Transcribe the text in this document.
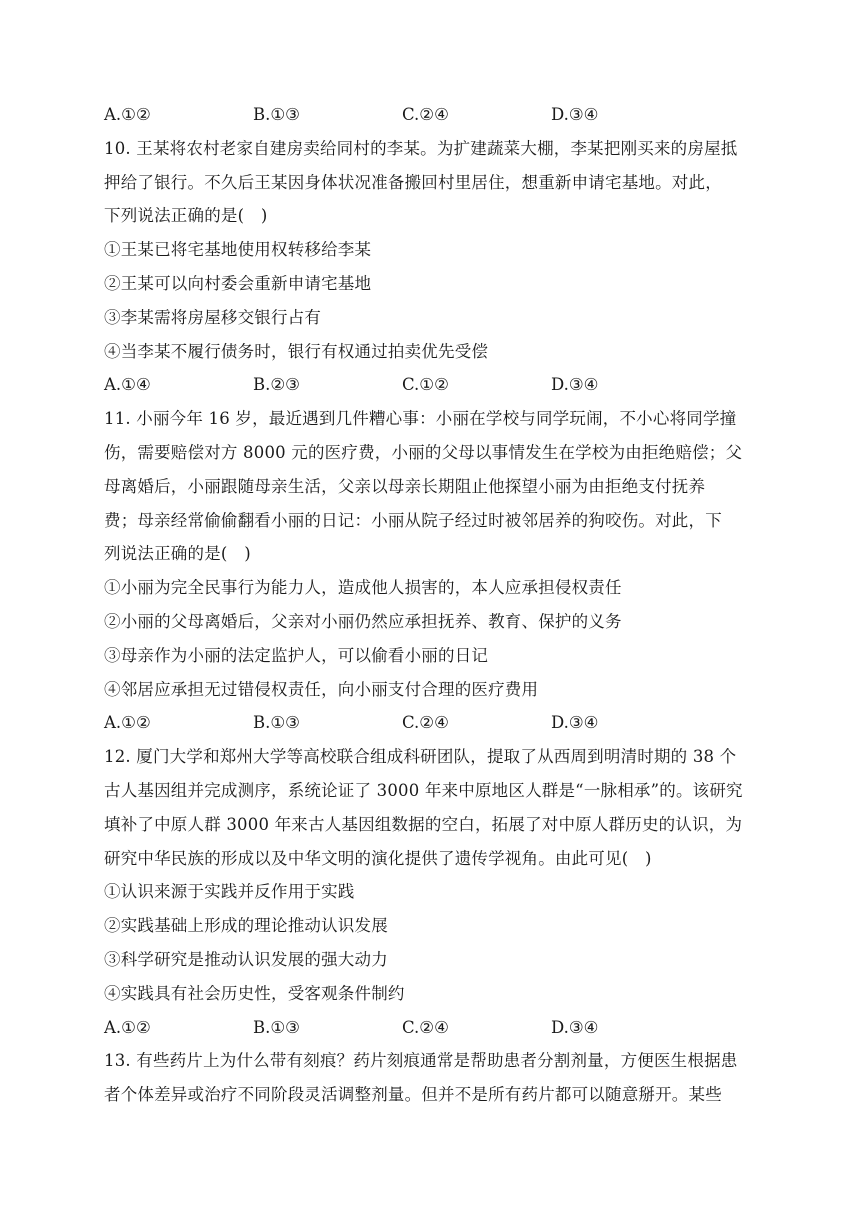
A.①②	B.①③	C.②④	D.③④
10. 王某将农村老家自建房卖给同村的李某。为扩建蔬菜大棚，李某把刚买来的房屋抵
押给了银行。不久后王某因身体状况准备搬回村里居住，想重新申请宅基地。对此，
下列说法正确的是(　)
①王某已将宅基地使用权转移给李某
②王某可以向村委会重新申请宅基地
③李某需将房屋移交银行占有
④当李某不履行债务时，银行有权通过拍卖优先受偿
A.①④	B.②③	C.①②	D.③④
11. 小丽今年 16 岁，最近遇到几件糟心事：小丽在学校与同学玩闹，不小心将同学撞
伤，需要赔偿对方 8000 元的医疗费，小丽的父母以事情发生在学校为由拒绝赔偿；父
母离婚后，小丽跟随母亲生活，父亲以母亲长期阻止他探望小丽为由拒绝支付抚养
费；母亲经常偷偷翻看小丽的日记：小丽从院子经过时被邻居养的狗咬伤。对此，下
列说法正确的是(　)
①小丽为完全民事行为能力人，造成他人损害的，本人应承担侵权责任
②小丽的父母离婚后，父亲对小丽仍然应承担抚养、教育、保护的义务
③母亲作为小丽的法定监护人，可以偷看小丽的日记
④邻居应承担无过错侵权责任，向小丽支付合理的医疗费用
A.①②	B.①③	C.②④	D.③④
12. 厦门大学和郑州大学等高校联合组成科研团队，提取了从西周到明清时期的 38 个
古人基因组并完成测序，系统论证了 3000 年来中原地区人群是“一脉相承”的。该研究
填补了中原人群 3000 年来古人基因组数据的空白，拓展了对中原人群历史的认识，为
研究中华民族的形成以及中华文明的演化提供了遗传学视角。由此可见(　)
①认识来源于实践并反作用于实践
②实践基础上形成的理论推动认识发展
③科学研究是推动认识发展的强大动力
④实践具有社会历史性，受客观条件制约
A.①②	B.①③	C.②④	D.③④
13. 有些药片上为什么带有刻痕？药片刻痕通常是帮助患者分割剂量，方便医生根据患
者个体差异或治疗不同阶段灵活调整剂量。但并不是所有药片都可以随意掰开。某些
